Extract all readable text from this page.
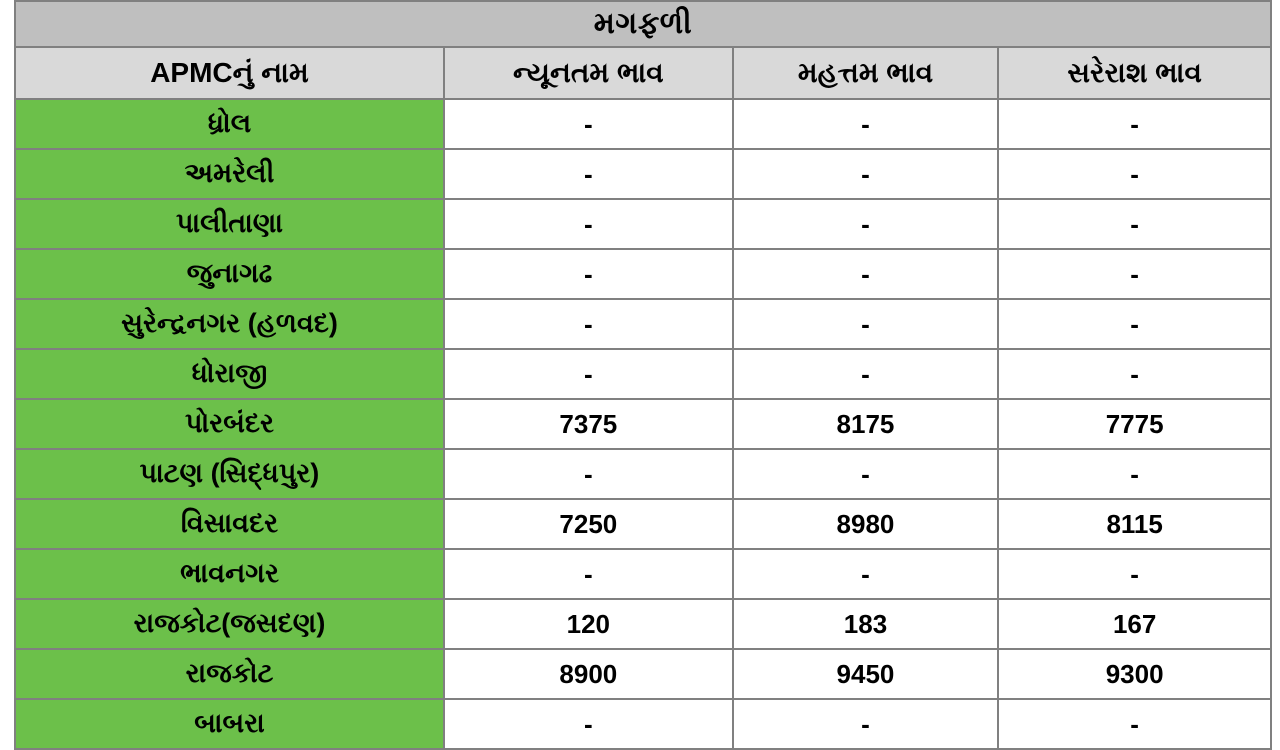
મગફળી			
APMCનું નામ	ન્યૂનતમ ભાવ	મહત્તમ ભાવ	સરેરાશ ભાવ
ધ્રોલ	-	-	-
અમરેલી	-	-	-
પાલીતાણા	-	-	-
જુનાગઢ	-	-	-
સુરેન્દ્રનગર (હળવદ)	-	-	-
ધોરાજી	-	-	-
પોરબંદર	7375	8175	7775
પાટણ (સિદ્ધપુર)	-	-	-
વિસાવદર	7250	8980	8115
ભાવનગર	-	-	-
રાજકોટ(જસદણ)	120	183	167
રાજકોટ	8900	9450	9300
બાબરા	-	-	-
